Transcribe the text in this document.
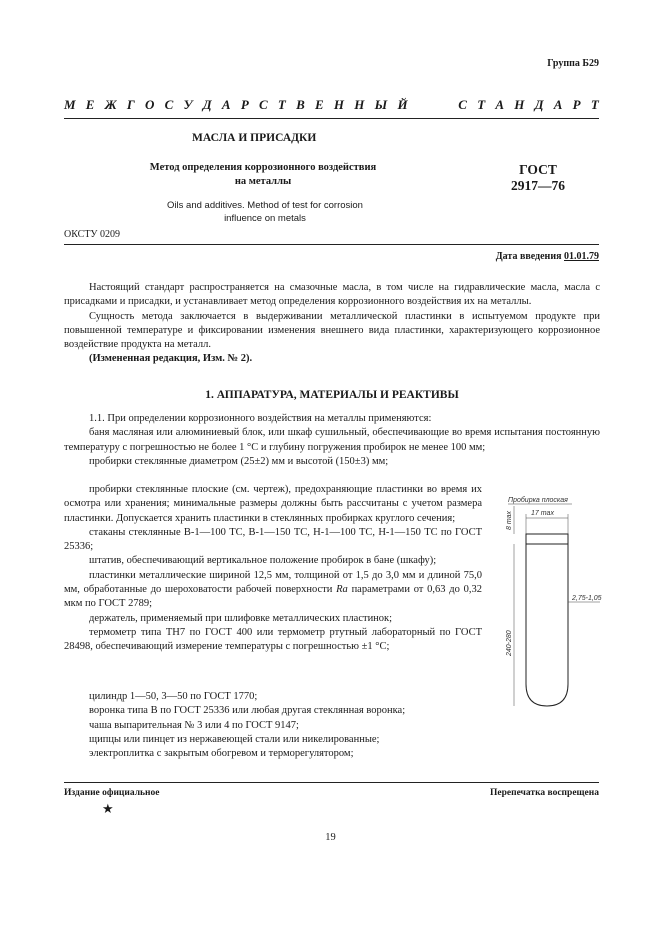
Группа Б29
М Е Ж Г О С У Д А Р С Т В Е Н Н Ы Й

	С Т А Н Д А Р Т
МАСЛА И ПРИСАДКИ
Метод определения коррозионного воздействия
на металлы
ГОСТ
2917—76
Oils and additives. Method of test for corrosion
influence on metals
ОКСТУ 0209
Дата введения 01.01.79

Настоящий стандарт распространяется на смазочные масла, в том числе на гидравлические масла, масла с присадками и присадки, и устанавливает метод определения коррозионного воздействия их на металлы.

Сущность метода заключается в выдерживании металлической пластинки в испытуемом продукте при повышенной температуре и фиксировании изменения внешнего вида пластинки, характеризующего коррозионное воздействие продукта на металл.

(Измененная редакция, Изм. № 2).

1. АППАРАТУРА, МАТЕРИАЛЫ И РЕАКТИВЫ

1.1. При определении коррозионного воздействия на металлы применяются:

баня масляная или алюминиевый блок, или шкаф сушильный, обеспечивающие во время испытания постоянную температуру с погрешностью не более 1 °С и глубину погружения пробирок не менее 100 мм;

пробирки стеклянные диаметром (25±2) мм и высотой (150±3) мм;

пробирки стеклянные плоские (см. чертеж), предохраняющие пластинки во время их осмотра или хранения; минимальные размеры должны быть рассчитаны с учетом размера пластинки. Допускается хранить пластинки в стеклянных пробирках круглого сечения;

стаканы стеклянные В-1—100 ТС, В-1—150 ТС, Н-1—100 ТС, Н-1—150 ТС по ГОСТ 25336;

штатив, обеспечивающий вертикальное положение пробирок в бане (шкафу);

пластинки металлические шириной 12,5 мм, толщиной от 1,5 до 3,0 мм и длиной 75,0 мм, обработанные до шероховатости рабочей поверхности Ra параметрами от 0,63 до 0,32 мкм по ГОСТ 2789;

держатель, применяемый при шлифовке металлических пластинок;

термометр типа ТН7 по ГОСТ 400 или термометр ртутный лабораторный по ГОСТ 28498, обеспечивающий измерение температуры с погрешностью ±1 °С;

цилиндр 1—50, 3—50 по ГОСТ 1770;

воронка типа В по ГОСТ 25336 или любая другая стеклянная воронка;

чаша выпарительная № 3 или 4 по ГОСТ 9147;

щипцы или пинцет из нержавеющей стали или никелированные;

электроплитка с закрытым обогревом и терморегулятором;

Пробирка плоская
17 max
8 max
2,75-1,05
240-280
Издание официальное	Перепечатка воспрещена
★
19
